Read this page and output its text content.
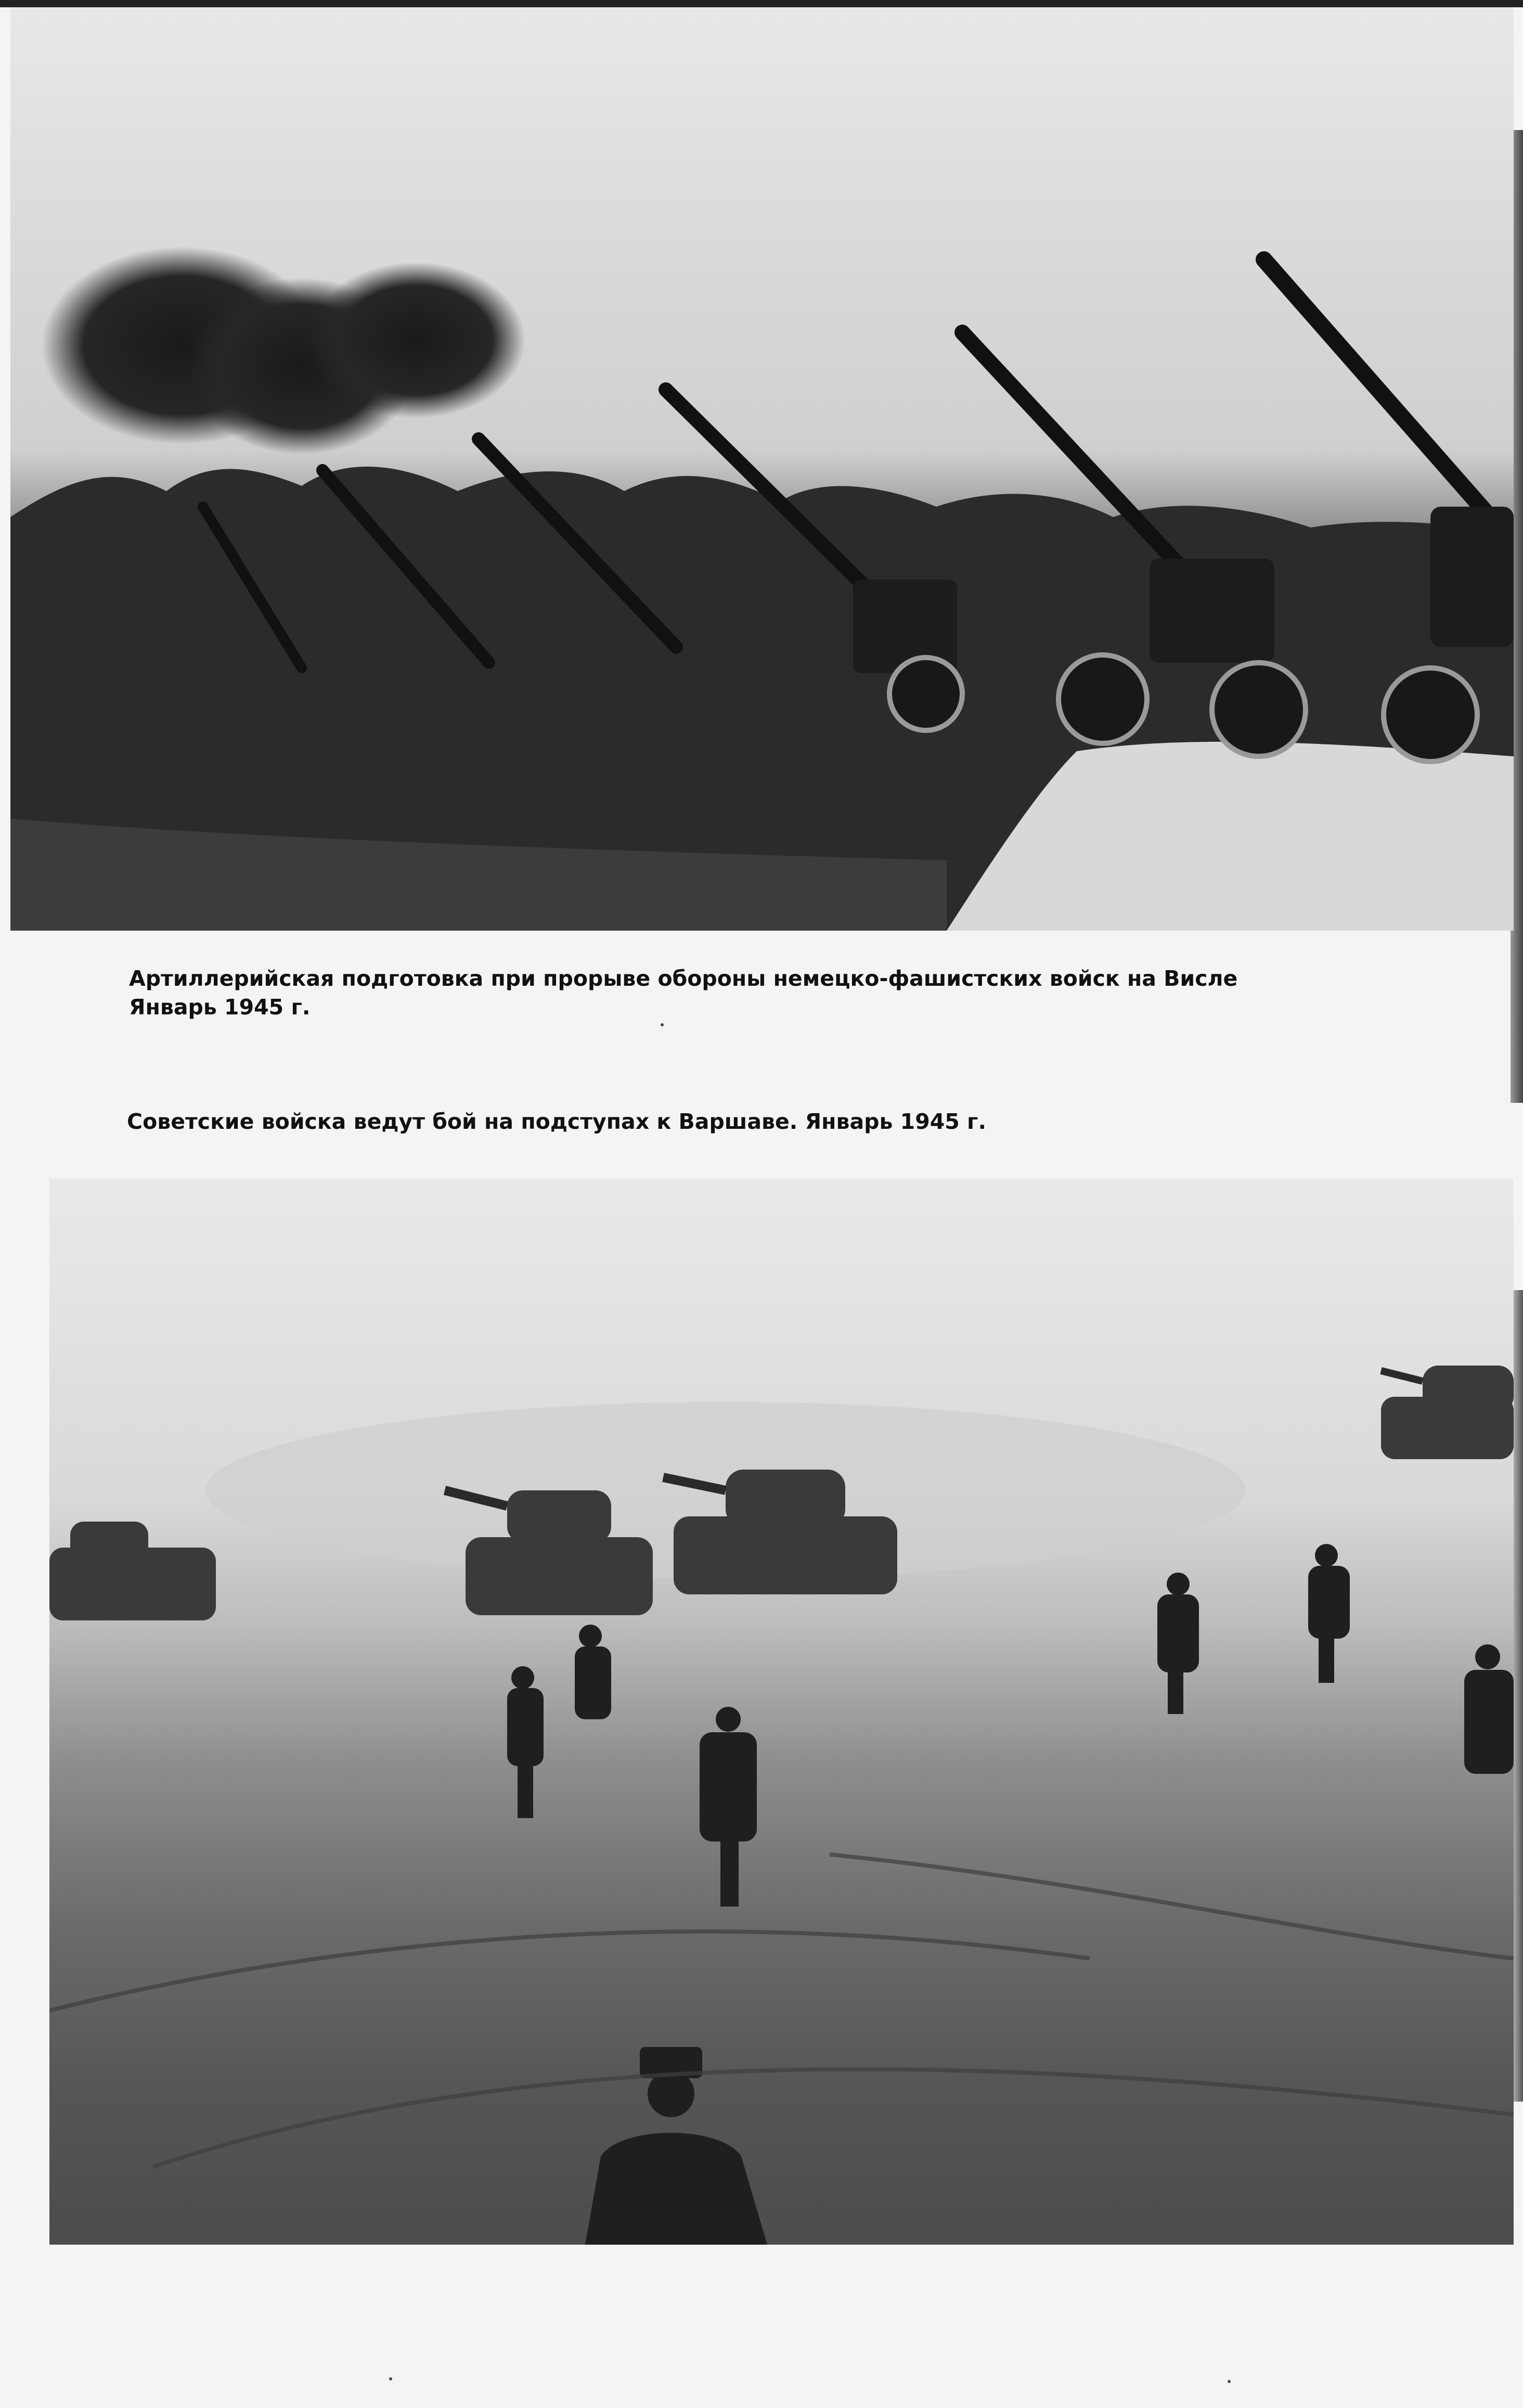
Артиллерийская подготовка при прорыве обороны немецко-фашистских войск на Висле
Январь 1945 г.
Советские войска ведут бой на подступах к Варшаве. Январь 1945 г.
